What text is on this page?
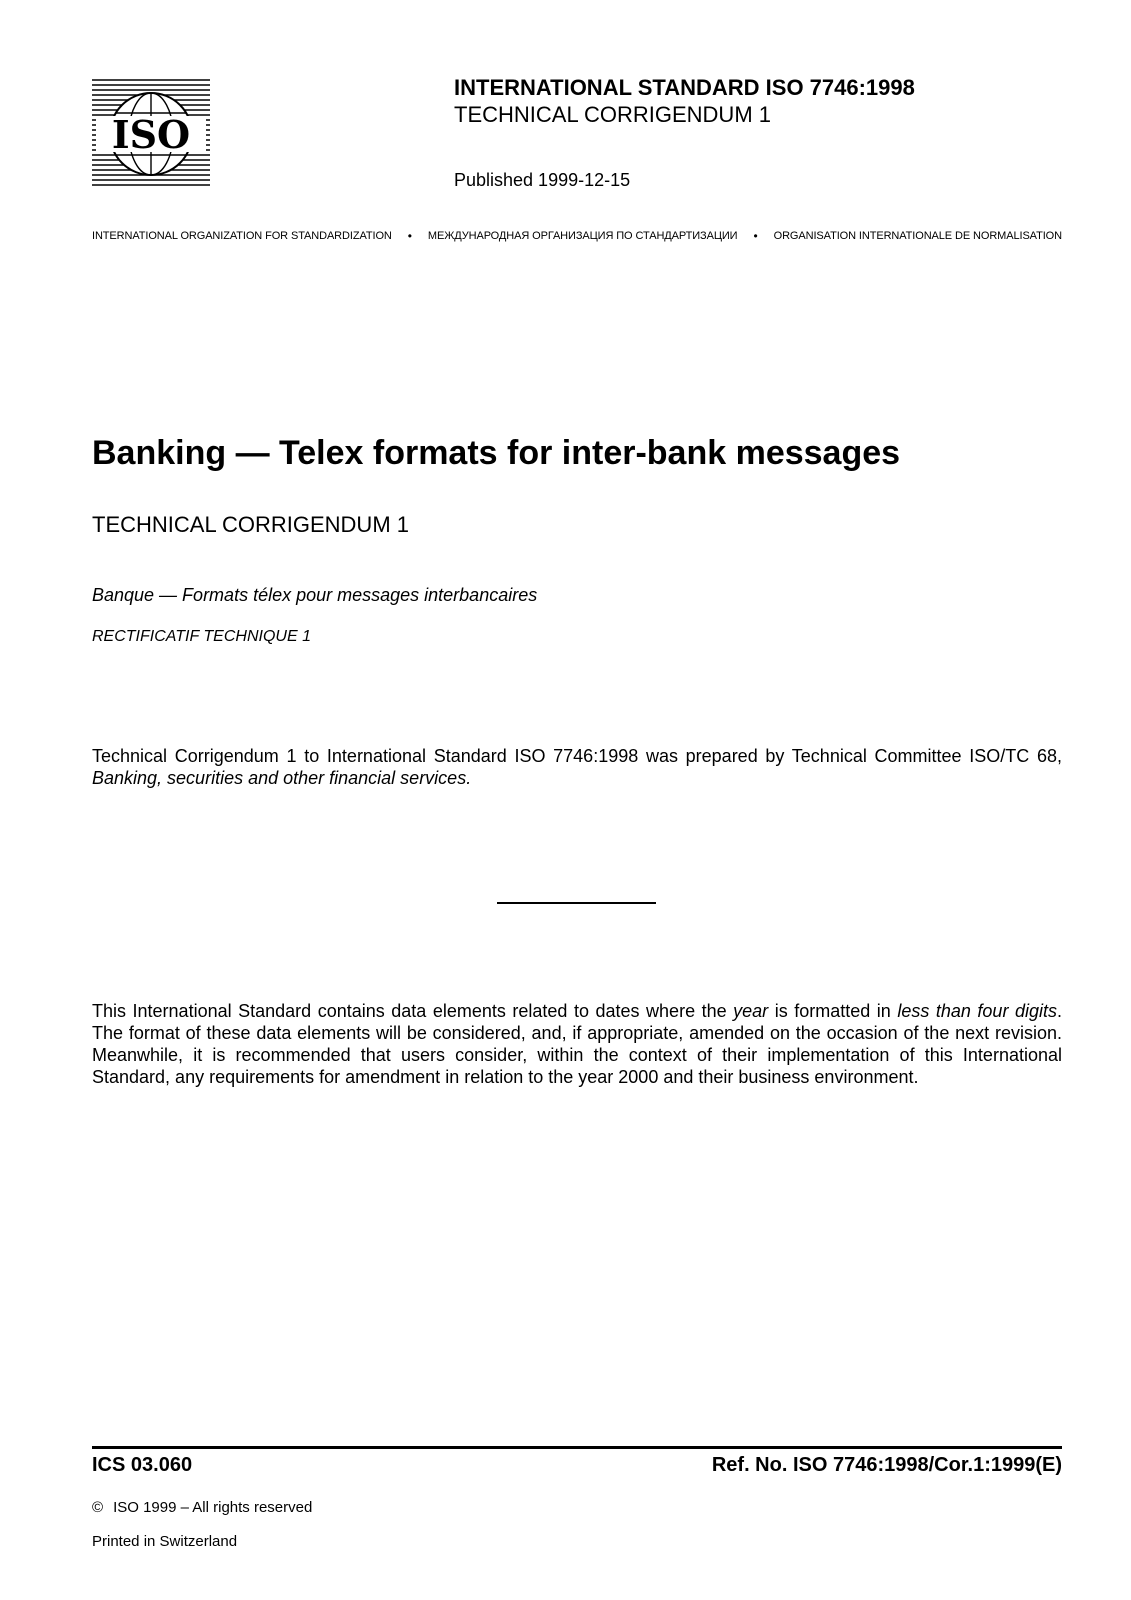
ISO
INTERNATIONAL STANDARD ISO 7746:1998
TECHNICAL CORRIGENDUM 1
Published 1999-12-15
INTERNATIONAL ORGANIZATION FOR STANDARDIZATION • МЕЖДУНАРОДНАЯ ОРГАНИЗАЦИЯ ПО СТАНДАРТИЗАЦИИ • ORGANISATION INTERNATIONALE DE NORMALISATION
Banking — Telex formats for inter-bank messages
TECHNICAL CORRIGENDUM 1
Banque — Formats télex pour messages interbancaires
RECTIFICATIF TECHNIQUE 1
Technical Corrigendum 1 to International Standard ISO 7746:1998 was prepared by Technical Committee ISO/TC 68, Banking, securities and other financial services.
This International Standard contains data elements related to dates where the year is formatted in less than four digits. The format of these data elements will be considered, and, if appropriate, amended on the occasion of the next revision. Meanwhile, it is recommended that users consider, within the context of their implementation of this International Standard, any requirements for amendment in relation to the year 2000 and their business environment.
ICS 03.060	Ref. No. ISO 7746:1998/Cor.1:1999(E)
© ISO 1999 – All rights reserved
Printed in Switzerland
